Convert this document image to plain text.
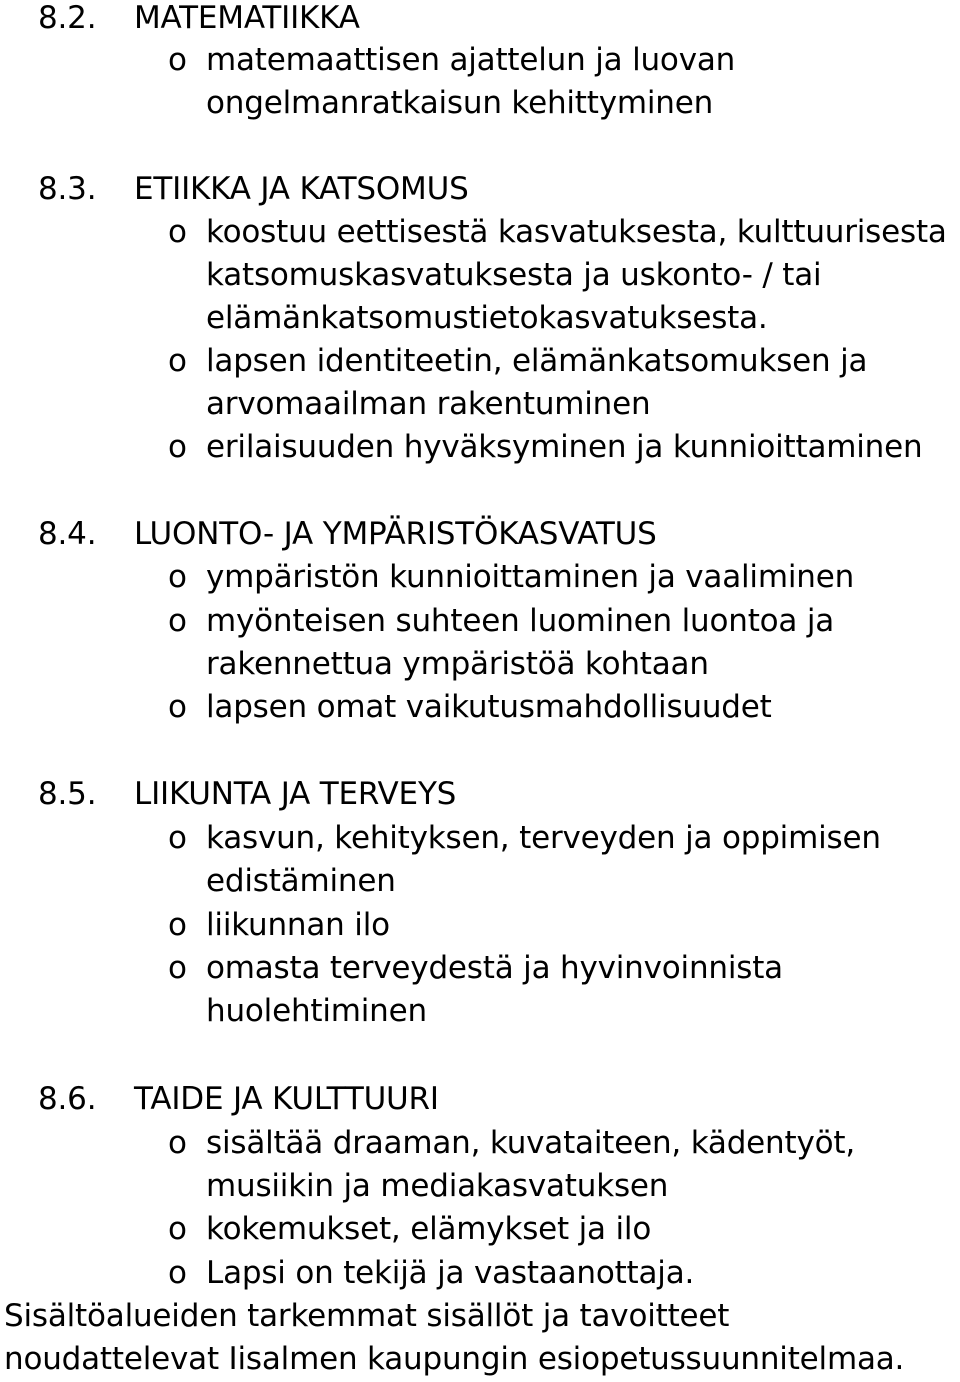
8.2. MATEMATIIKKA
o matemaattisen ajattelun ja luovan
ongelmanratkaisun kehittyminen
8.3. ETIIKKA JA KATSOMUS
o koostuu eettisestä kasvatuksesta, kulttuurisesta
katsomuskasvatuksesta ja uskonto- / tai
elämänkatsomustietokasvatuksesta.
o lapsen identiteetin, elämänkatsomuksen ja
arvomaailman rakentuminen
o erilaisuuden hyväksyminen ja kunnioittaminen
8.4. LUONTO- JA YMPÄRISTÖKASVATUS
o ympäristön kunnioittaminen ja vaaliminen
o myönteisen suhteen luominen luontoa ja
rakennettua ympäristöä kohtaan
o lapsen omat vaikutusmahdollisuudet
8.5. LIIKUNTA JA TERVEYS
o kasvun, kehityksen, terveyden ja oppimisen
edistäminen
o liikunnan ilo
o omasta terveydestä ja hyvinvoinnista
huolehtiminen
8.6. TAIDE JA KULTTUURI
o sisältää draaman, kuvataiteen, kädentyöt,
musiikin ja mediakasvatuksen
o kokemukset, elämykset ja ilo
o Lapsi on tekijä ja vastaanottaja.
Sisältöalueiden tarkemmat sisällöt ja tavoitteet
noudattelevat Iisalmen kaupungin esiopetussuunnitelmaa.
